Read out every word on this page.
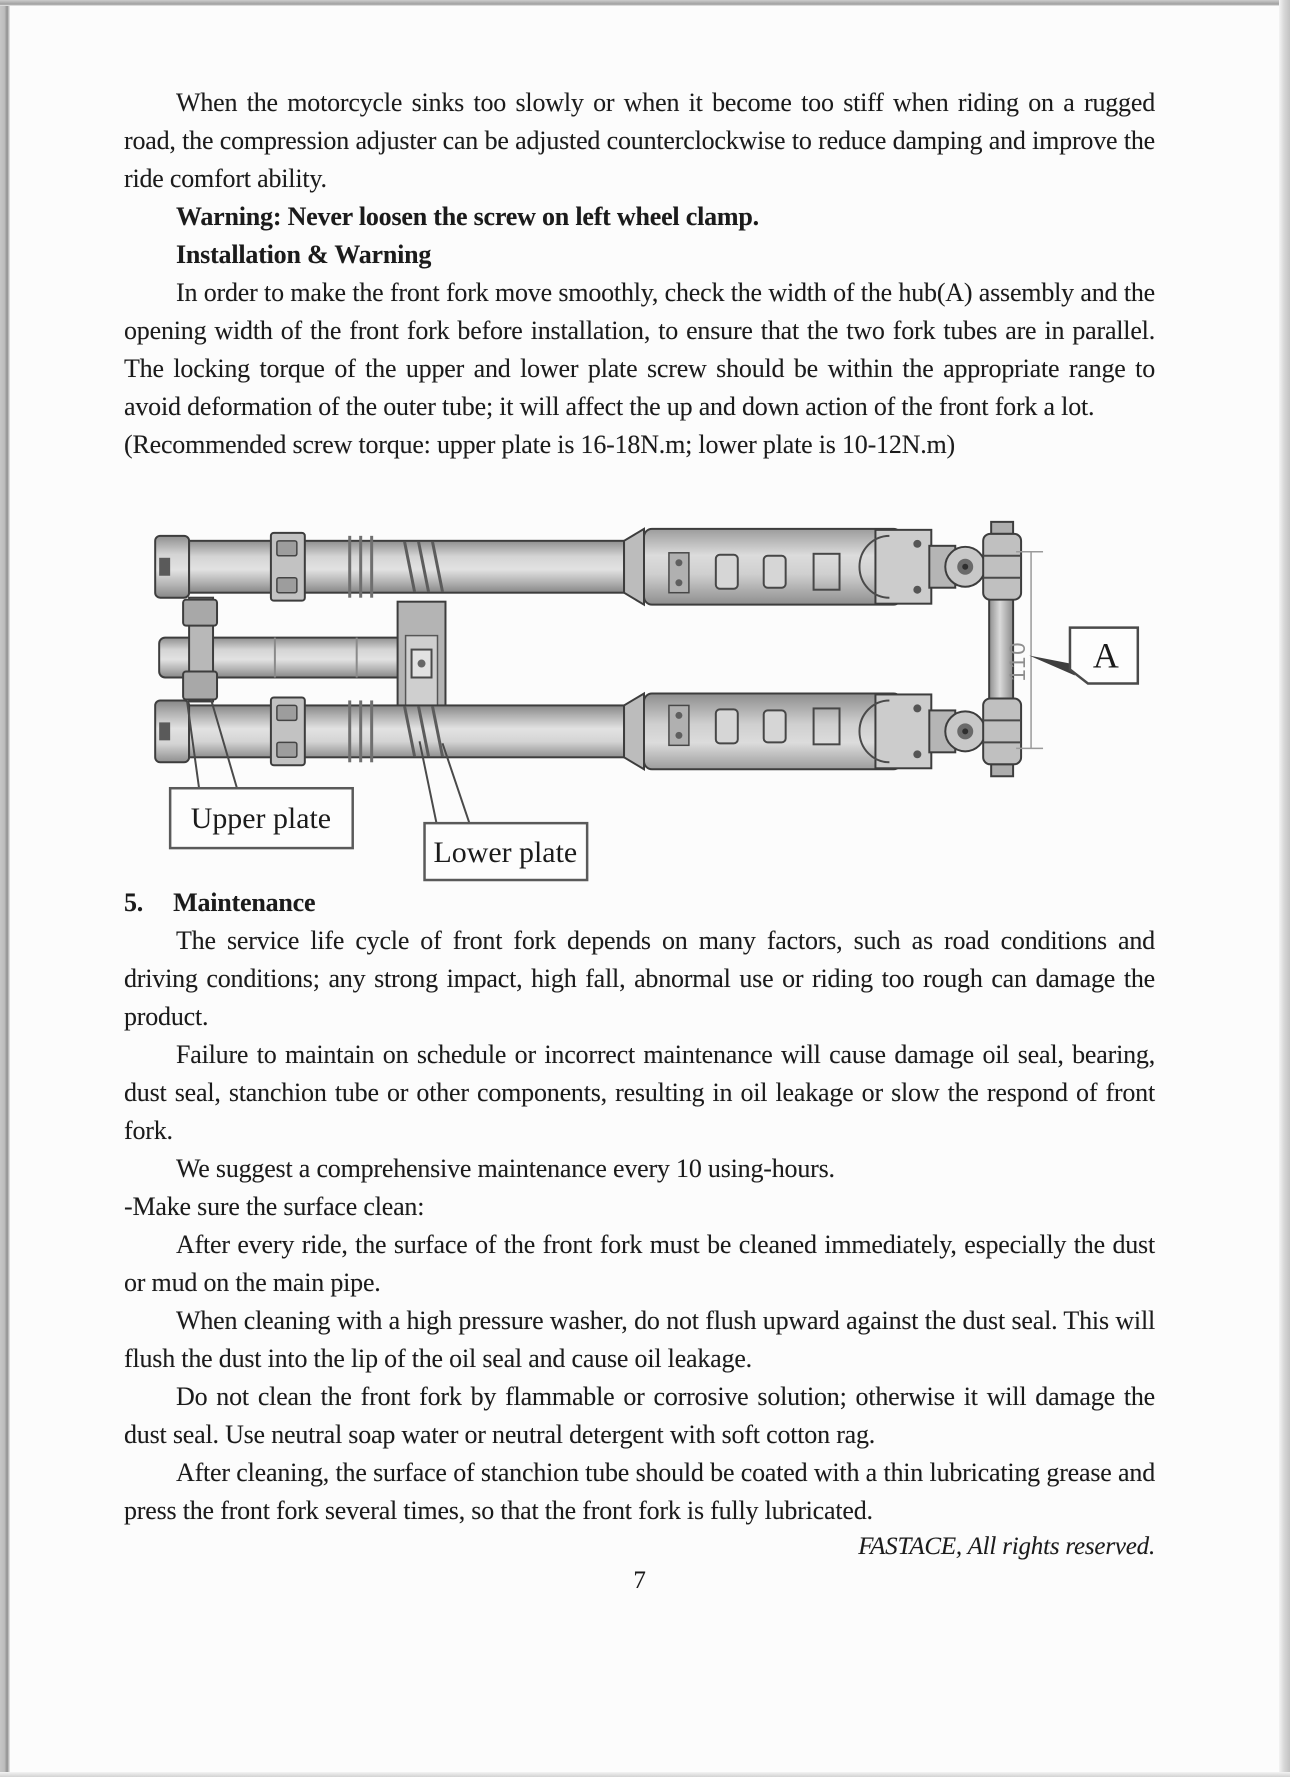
When the motorcycle sinks too slowly or when it become too stiff when riding on a rugged road, the compression adjuster can be adjusted counterclockwise to reduce damping and improve the ride comfort ability.

Warning: Never loosen the screw on left wheel clamp.

Installation & Warning

In order to make the front fork move smoothly, check the width of the hub(A) assembly and the opening width of the front fork before installation, to ensure that the two fork tubes are in parallel. The locking torque of the upper and lower plate screw should be within the appropriate range to avoid deformation of the outer tube; it will affect the up and down action of the front fork a lot.

(Recommended screw torque: upper plate is 16-18N.m; lower plate is 10-12N.m)

110 A
Upper plate
Lower plate

5. Maintenance

The service life cycle of front fork depends on many factors, such as road conditions and driving conditions; any strong impact, high fall, abnormal use or riding too rough can damage the product.

Failure to maintain on schedule or incorrect maintenance will cause damage oil seal, bearing, dust seal, stanchion tube or other components, resulting in oil leakage or slow the respond of front fork.

We suggest a comprehensive maintenance every 10 using-hours.

-Make sure the surface clean:

After every ride, the surface of the front fork must be cleaned immediately, especially the dust or mud on the main pipe.

When cleaning with a high pressure washer, do not flush upward against the dust seal. This will flush the dust into the lip of the oil seal and cause oil leakage.

Do not clean the front fork by flammable or corrosive solution; otherwise it will damage the dust seal. Use neutral soap water or neutral detergent with soft cotton rag.

After cleaning, the surface of stanchion tube should be coated with a thin lubricating grease and press the front fork several times, so that the front fork is fully lubricated.

FASTACE, All rights reserved.

7
